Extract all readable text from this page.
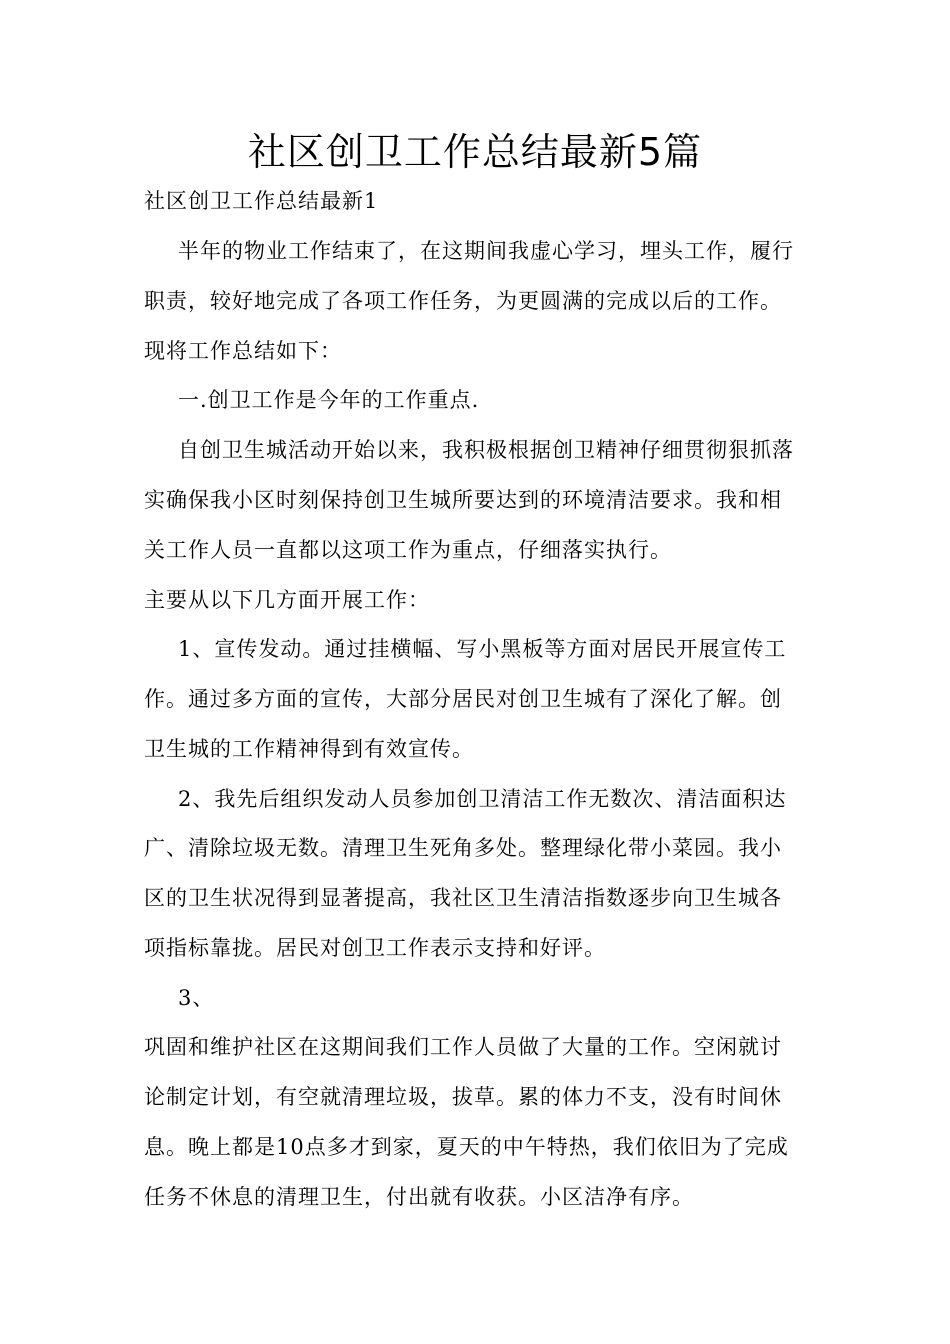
社区创卫工作总结最新5篇
社区创卫工作总结最新1
半年的物业工作结束了，在这期间我虚心学习，埋头工作，履行
职责，较好地完成了各项工作任务，为更圆满的完成以后的工作。
现将工作总结如下：
一.创卫工作是今年的工作重点.
自创卫生城活动开始以来，我积极根据创卫精神仔细贯彻狠抓落
实确保我小区时刻保持创卫生城所要达到的环境清洁要求。我和相
关工作人员一直都以这项工作为重点，仔细落实执行。
主要从以下几方面开展工作：
1、宣传发动。通过挂横幅、写小黑板等方面对居民开展宣传工
作。通过多方面的宣传，大部分居民对创卫生城有了深化了解。创
卫生城的工作精神得到有效宣传。
2、我先后组织发动人员参加创卫清洁工作无数次、清洁面积达
广、清除垃圾无数。清理卫生死角多处。整理绿化带小菜园。我小
区的卫生状况得到显著提高，我社区卫生清洁指数逐步向卫生城各
项指标靠拢。居民对创卫工作表示支持和好评。
3、
巩固和维护社区在这期间我们工作人员做了大量的工作。空闲就讨
论制定计划，有空就清理垃圾，拔草。累的体力不支，没有时间休
息。晚上都是10点多才到家，夏天的中午特热，我们依旧为了完成
任务不休息的清理卫生，付出就有收获。小区洁净有序。
